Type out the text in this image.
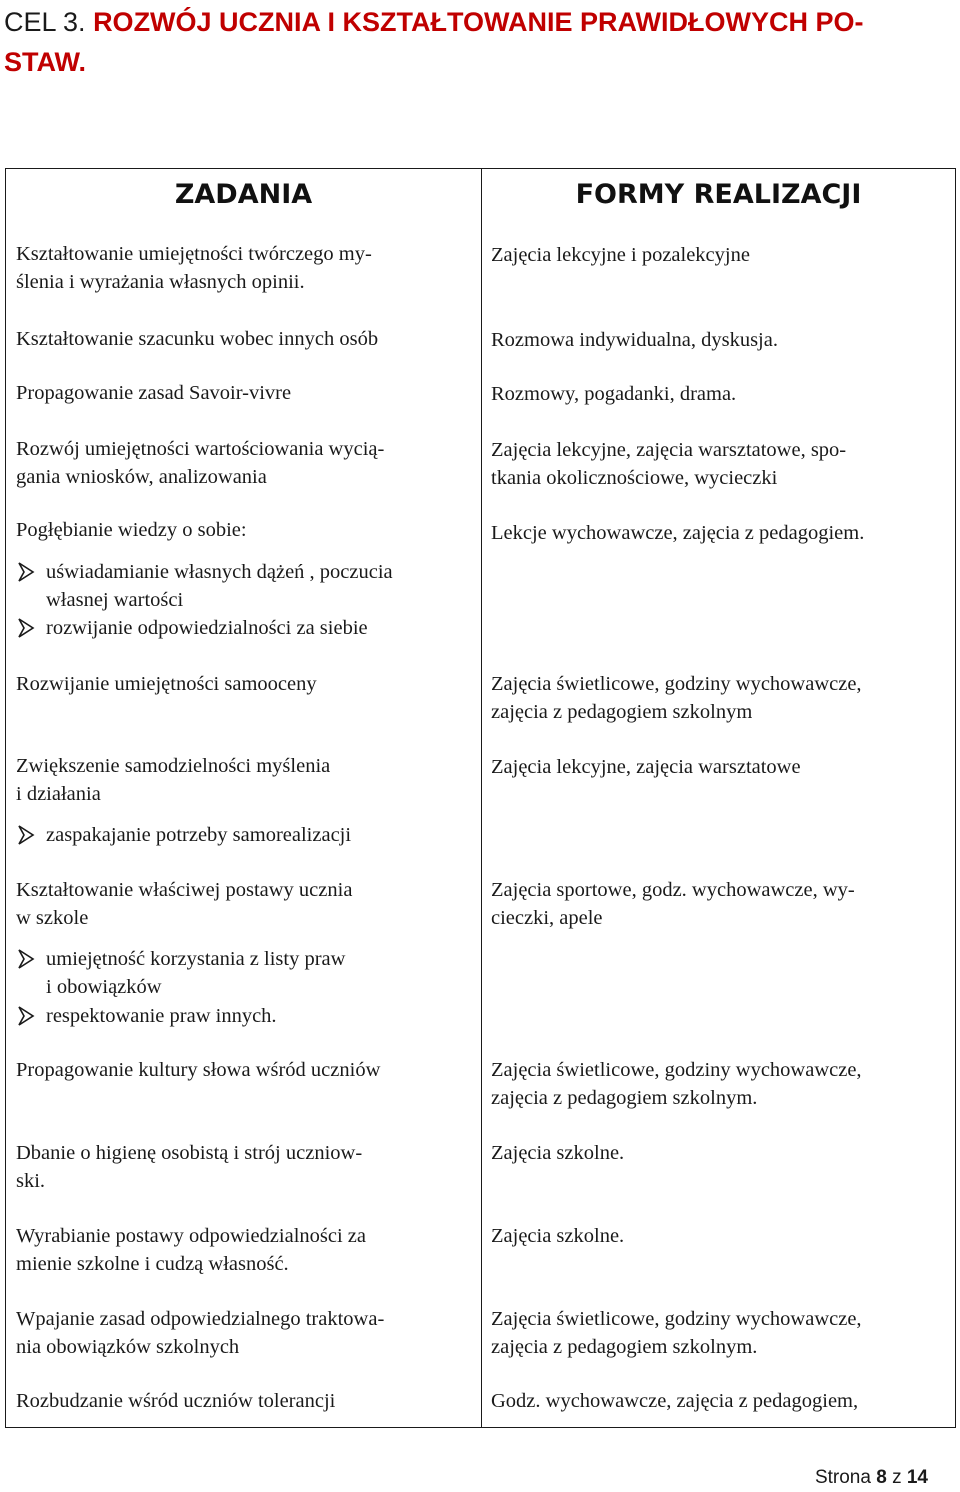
CEL 3. ROZWÓJ UCZNIA I KSZTAŁTOWANIE PRAWIDŁOWYCH PO-
STAW.
ZADANIA	FORMY REALIZACJI
Kształtowanie umiejętności twórczego my-
ślenia i wyrażania własnych opinii.
Kształtowanie szacunku wobec innych osób
Propagowanie zasad Savoir-vivre
Rozwój umiejętności wartościowania wycią-
gania wniosków, analizowania
Pogłębianie wiedzy o sobie:
uświadamianie własnych dążeń , poczucia
własnej wartości
rozwijanie odpowiedzialności za siebie
Rozwijanie umiejętności samooceny
Zwiększenie samodzielności myślenia
i działania
zaspakajanie potrzeby samorealizacji
Kształtowanie właściwej postawy ucznia
w szkole
umiejętność korzystania z listy praw
i obowiązków
respektowanie praw innych.
Propagowanie kultury słowa wśród uczniów
Dbanie o higienę osobistą i strój uczniow-
ski.
Wyrabianie postawy odpowiedzialności za
mienie szkolne i cudzą własność.
Wpajanie zasad odpowiedzialnego traktowa-
nia obowiązków szkolnych
Rozbudzanie wśród uczniów tolerancji
Zajęcia lekcyjne i pozalekcyjne
Rozmowa indywidualna, dyskusja.
Rozmowy, pogadanki, drama.
Zajęcia lekcyjne, zajęcia warsztatowe, spo-
tkania okolicznościowe, wycieczki
Lekcje wychowawcze, zajęcia z pedagogiem.
Zajęcia świetlicowe, godziny wychowawcze,
zajęcia z pedagogiem szkolnym
Zajęcia lekcyjne, zajęcia warsztatowe
Zajęcia sportowe, godz. wychowawcze, wy-
cieczki, apele
Zajęcia świetlicowe, godziny wychowawcze,
zajęcia z pedagogiem szkolnym.
Zajęcia szkolne.
Zajęcia szkolne.
Zajęcia świetlicowe, godziny wychowawcze,
zajęcia z pedagogiem szkolnym.
Godz. wychowawcze, zajęcia z pedagogiem,
Strona 8 z 14
